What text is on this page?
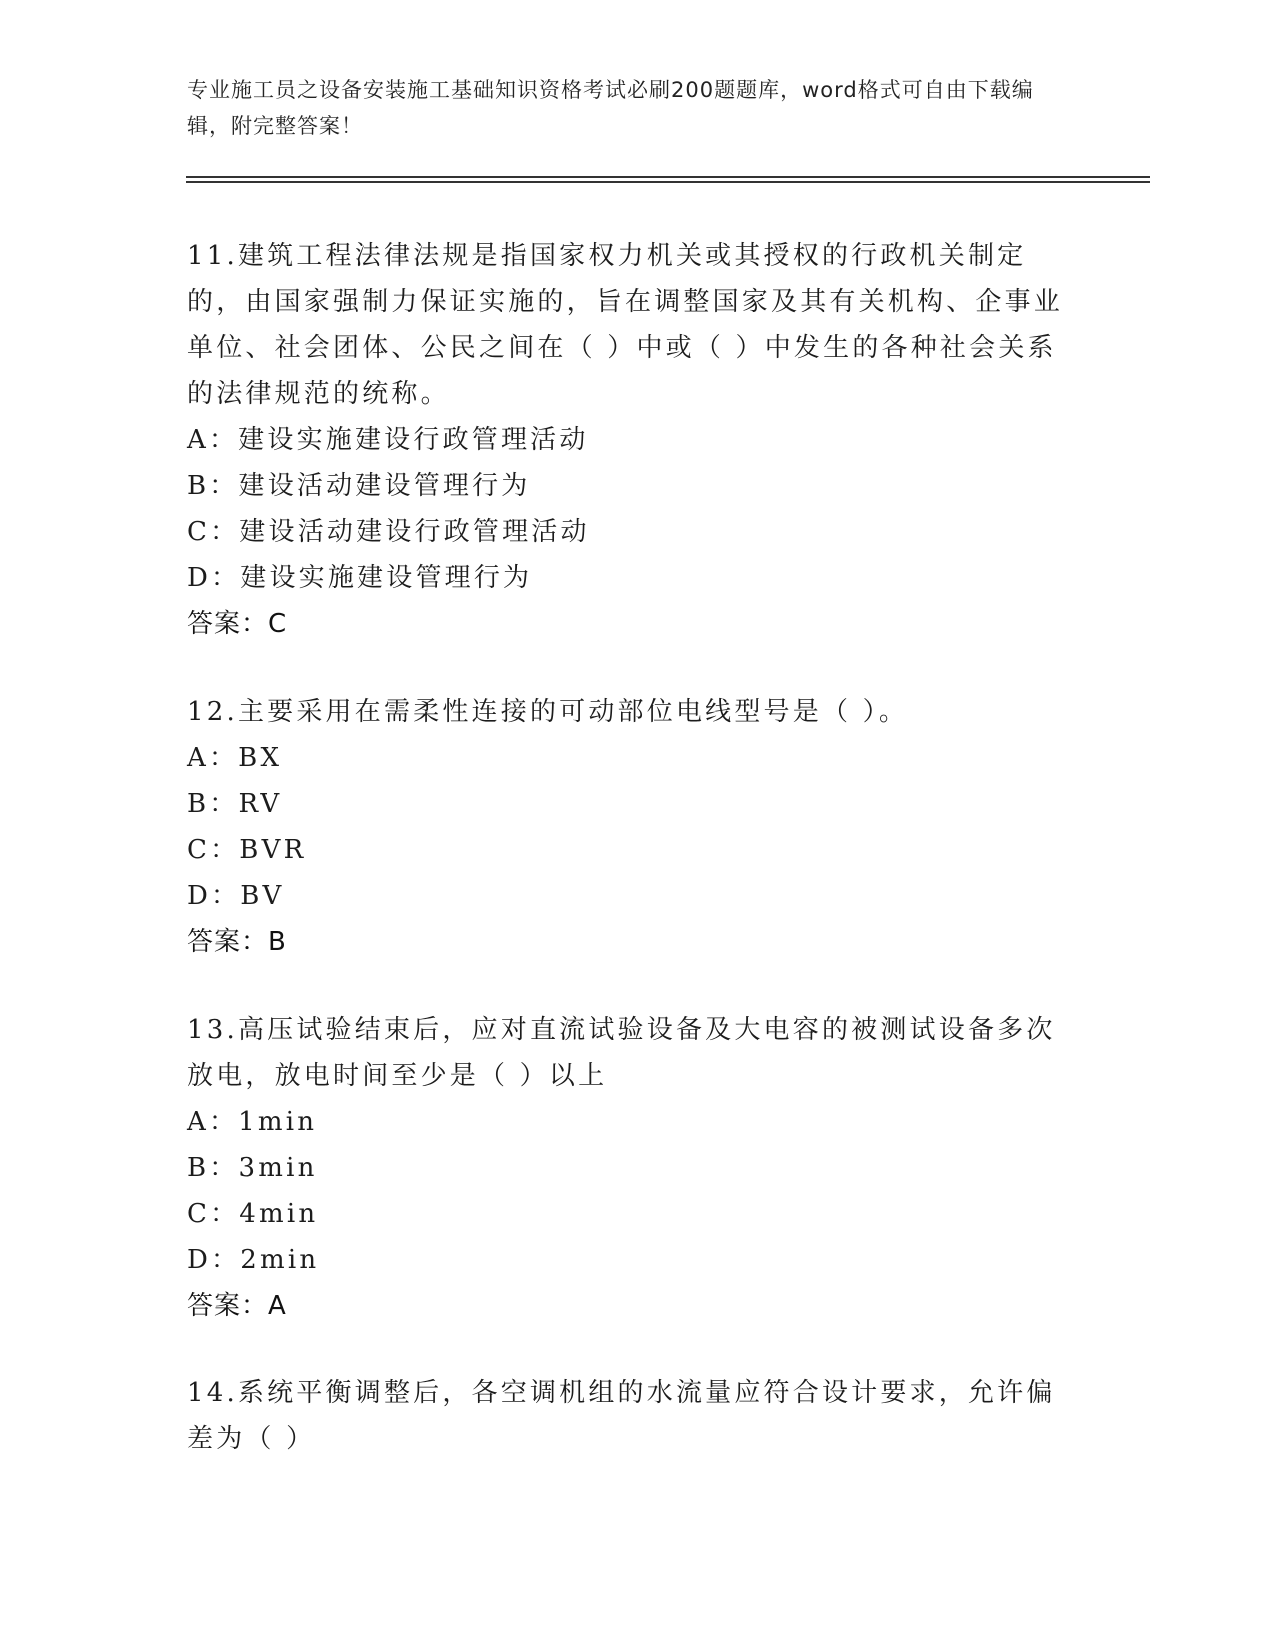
专业施工员之设备安装施工基础知识资格考试必刷200题题库，word格式可自由下载编辑，附完整答案！

11.建筑工程法律法规是指国家权力机关或其授权的行政机关制定的，由国家强制力保证实施的，旨在调整国家及其有关机构、企事业单位、社会团体、公民之间在（ ）中或（ ）中发生的各种社会关系的法律规范的统称。

A：建设实施建设行政管理活动

B：建设活动建设管理行为

C：建设活动建设行政管理活动

D：建设实施建设管理行为

答案：C

12.主要采用在需柔性连接的可动部位电线型号是（ ）。

A：BX

B：RV

C：BVR

D：BV

答案：B

13.高压试验结束后，应对直流试验设备及大电容的被测试设备多次放电，放电时间至少是（ ）以上

A：1min

B：3min

C：4min

D：2min

答案：A

14.系统平衡调整后，各空调机组的水流量应符合设计要求，允许偏差为（ ）
